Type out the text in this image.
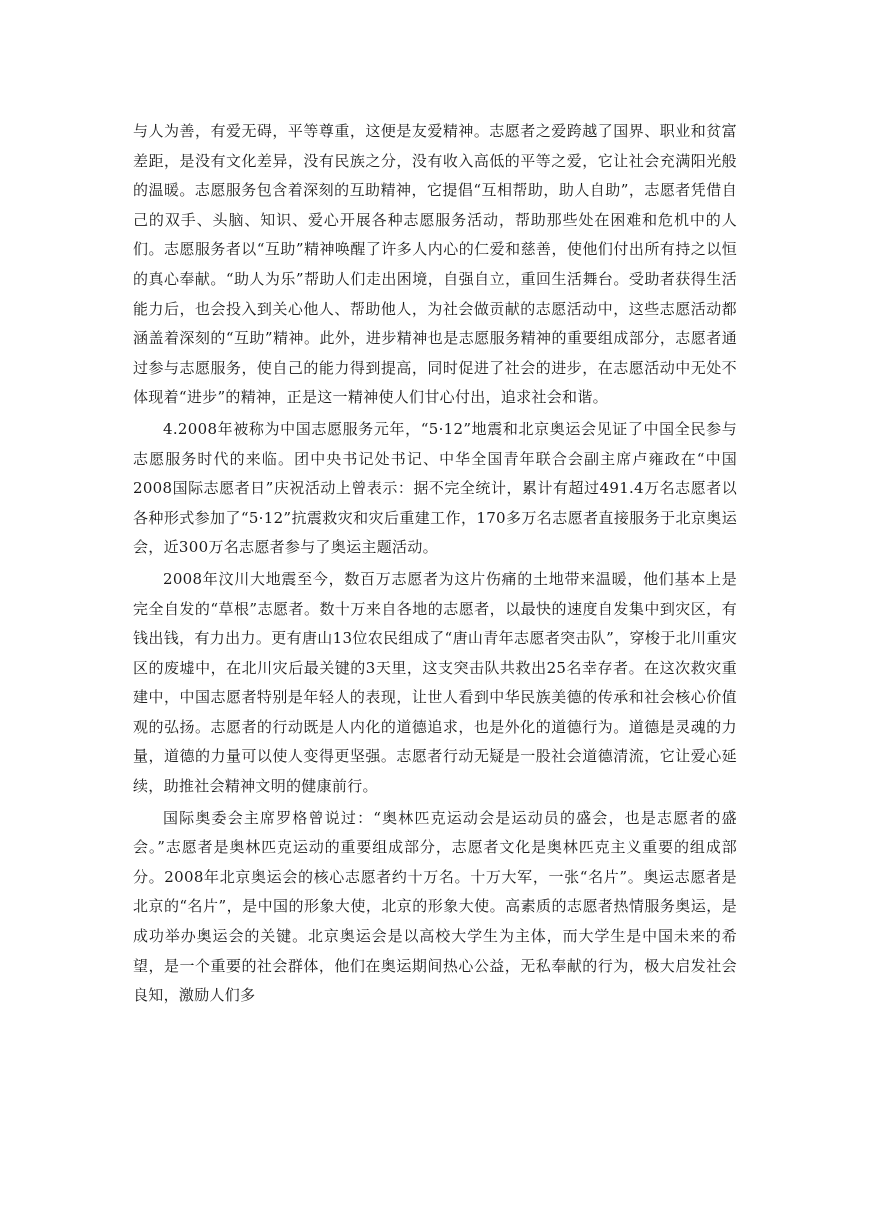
与人为善，有爱无碍，平等尊重，这便是友爱精神。志愿者之爱跨越了国界、职业和贫富差距，是没有文化差异，没有民族之分，没有收入高低的平等之爱，它让社会充满阳光般的温暖。志愿服务包含着深刻的互助精神，它提倡“互相帮助，助人自助”，志愿者凭借自己的双手、头脑、知识、爱心开展各种志愿服务活动，帮助那些处在困难和危机中的人们。志愿服务者以“互助”精神唤醒了许多人内心的仁爱和慈善，使他们付出所有持之以恒的真心奉献。“助人为乐”帮助人们走出困境，自强自立，重回生活舞台。受助者获得生活能力后，也会投入到关心他人、帮助他人，为社会做贡献的志愿活动中，这些志愿活动都涵盖着深刻的“互助”精神。此外，进步精神也是志愿服务精神的重要组成部分，志愿者通过参与志愿服务，使自己的能力得到提高，同时促进了社会的进步，在志愿活动中无处不体现着“进步”的精神，正是这一精神使人们甘心付出，追求社会和谐。

4.2008年被称为中国志愿服务元年，“5·12”地震和北京奥运会见证了中国全民参与志愿服务时代的来临。团中央书记处书记、中华全国青年联合会副主席卢雍政在“中国2008国际志愿者日”庆祝活动上曾表示：据不完全统计，累计有超过491.4万名志愿者以各种形式参加了“5·12”抗震救灾和灾后重建工作，170多万名志愿者直接服务于北京奥运会，近300万名志愿者参与了奥运主题活动。

2008年汶川大地震至今，数百万志愿者为这片伤痛的土地带来温暖，他们基本上是完全自发的“草根”志愿者。数十万来自各地的志愿者，以最快的速度自发集中到灾区，有钱出钱，有力出力。更有唐山13位农民组成了“唐山青年志愿者突击队”，穿梭于北川重灾区的废墟中，在北川灾后最关键的3天里，这支突击队共救出25名幸存者。在这次救灾重建中，中国志愿者特别是年轻人的表现，让世人看到中华民族美德的传承和社会核心价值观的弘扬。志愿者的行动既是人内化的道德追求，也是外化的道德行为。道德是灵魂的力量，道德的力量可以使人变得更坚强。志愿者行动无疑是一股社会道德清流，它让爱心延续，助推社会精神文明的健康前行。

国际奥委会主席罗格曾说过：“奥林匹克运动会是运动员的盛会，也是志愿者的盛会。”志愿者是奥林匹克运动的重要组成部分，志愿者文化是奥林匹克主义重要的组成部分。2008年北京奥运会的核心志愿者约十万名。十万大军，一张“名片”。奥运志愿者是北京的“名片”，是中国的形象大使，北京的形象大使。高素质的志愿者热情服务奥运，是成功举办奥运会的关键。北京奥运会是以高校大学生为主体，而大学生是中国未来的希望，是一个重要的社会群体，他们在奥运期间热心公益，无私奉献的行为，极大启发社会良知，激励人们多
